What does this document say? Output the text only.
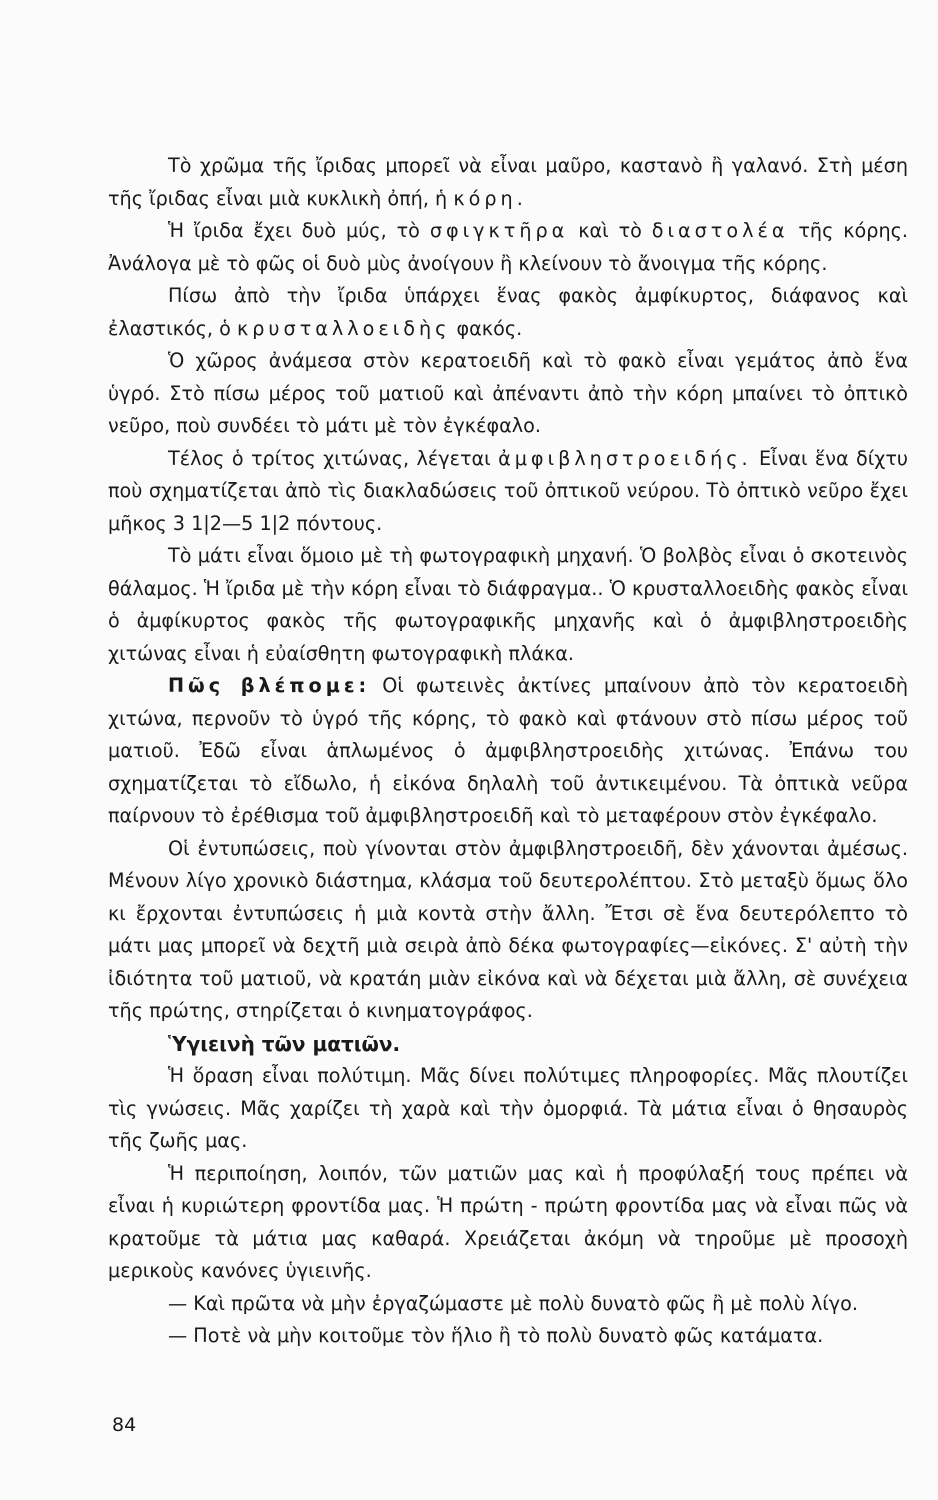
Τὸ χρῶμα τῆς ἴριδας μπορεῖ νὰ εἶναι μαῦρο, καστανὸ ἢ γαλανό. Στὴ μέση τῆς ἴριδας εἶναι μιὰ κυκλικὴ ὀπή, ἡ κόρη.

Ἡ ἴριδα ἔχει δυὸ μύς, τὸ σφιγκτῆρα καὶ τὸ διαστολέα τῆς κόρης. Ἀνάλογα μὲ τὸ φῶς οἱ δυὸ μὺς ἀνοίγουν ἢ κλείνουν τὸ ἄνοιγμα τῆς κόρης.

Πίσω ἀπὸ τὴν ἴριδα ὑπάρχει ἕνας φακὸς ἀμφίκυρτος, διάφανος καὶ ἐλαστικός, ὁ κρυσταλλοειδὴς φακός.

Ὁ χῶρος ἀνάμεσα στὸν κερατοειδῆ καὶ τὸ φακὸ εἶναι γεμάτος ἀπὸ ἕνα ὑγρό. Στὸ πίσω μέρος τοῦ ματιοῦ καὶ ἀπέναντι ἀπὸ τὴν κόρη μπαίνει τὸ ὀπτικὸ νεῦρο, ποὺ συνδέει τὸ μάτι μὲ τὸν ἐγκέφαλο.

Τέλος ὁ τρίτος χιτώνας, λέγεται ἀμφιβληστροειδής. Εἶναι ἕνα δίχτυ ποὺ σχηματίζεται ἀπὸ τὶς διακλαδώσεις τοῦ ὀπτικοῦ νεύρου. Τὸ ὀπτικὸ νεῦρο ἔχει μῆκος 3 1|2—5 1|2 πόντους.

Τὸ μάτι εἶναι ὅμοιο μὲ τὴ φωτογραφικὴ μηχανή. Ὁ βολβὸς εἶναι ὁ σκοτεινὸς θάλαμος. Ἡ ἴριδα μὲ τὴν κόρη εἶναι τὸ διάφραγμα.. Ὁ κρυσταλλοειδὴς φακὸς εἶναι ὁ ἀμφίκυρτος φακὸς τῆς φωτογραφικῆς μηχανῆς καὶ ὁ ἀμφιβληστροειδὴς χιτώνας εἶναι ἡ εὐαίσθητη φωτογραφικὴ πλάκα.

Πῶς βλέπομε: Οἱ φωτεινὲς ἀκτίνες μπαίνουν ἀπὸ τὸν κερατοειδὴ χιτώνα, περνοῦν τὸ ὑγρό τῆς κόρης, τὸ φακὸ καὶ φτάνουν στὸ πίσω μέρος τοῦ ματιοῦ. Ἐδῶ εἶναι ἁπλωμένος ὁ ἀμφιβληστροειδὴς χιτώνας. Ἐπάνω του σχηματίζεται τὸ εἴδωλο, ἡ εἰκόνα δηλαλὴ τοῦ ἀντικειμένου. Τὰ ὀπτικὰ νεῦρα παίρνουν τὸ ἐρέθισμα τοῦ ἀμφιβληστροειδῆ καὶ τὸ μεταφέρουν στὸν ἐγκέφαλο.

Οἱ ἐντυπώσεις, ποὺ γίνονται στὸν ἀμφιβληστροειδῆ, δὲν χάνονται ἀμέσως. Μένουν λίγο χρονικὸ διάστημα, κλάσμα τοῦ δευτερολέπτου. Στὸ μεταξὺ ὅμως ὅλο κι ἔρχονται ἐντυπώσεις ἡ μιὰ κοντὰ στὴν ἄλλη. Ἔτσι σὲ ἕνα δευτερόλεπτο τὸ μάτι μας μπορεῖ νὰ δεχτῆ μιὰ σειρὰ ἀπὸ δέκα φωτογραφίες—εἰκόνες. Σ' αὐτὴ τὴν ἰδιότητα τοῦ ματιοῦ, νὰ κρατάη μιὰν εἰκόνα καὶ νὰ δέχεται μιὰ ἄλλη, σὲ συνέχεια τῆς πρώτης, στηρίζεται ὁ κινηματογράφος.

Ὑγιεινὴ τῶν ματιῶν.

Ἡ ὅραση εἶναι πολύτιμη. Μᾶς δίνει πολύτιμες πληροφορίες. Μᾶς πλουτίζει τὶς γνώσεις. Μᾶς χαρίζει τὴ χαρὰ καὶ τὴν ὀμορφιά. Τὰ μάτια εἶναι ὁ θησαυρὸς τῆς ζωῆς μας.

Ἡ περιποίηση, λοιπόν, τῶν ματιῶν μας καὶ ἡ προφύλαξή τους πρέπει νὰ εἶναι ἡ κυριώτερη φροντίδα μας. Ἡ πρώτη - πρώτη φροντίδα μας νὰ εἶναι πῶς νὰ κρατοῦμε τὰ μάτια μας καθαρά. Χρειάζεται ἀκόμη νὰ τηροῦμε μὲ προσοχὴ μερικοὺς κανόνες ὑγιεινῆς.

— Καὶ πρῶτα νὰ μὴν ἐργαζώμαστε μὲ πολὺ δυνατὸ φῶς ἢ μὲ πολὺ λίγο.

— Ποτὲ νὰ μὴν κοιτοῦμε τὸν ἥλιο ἢ τὸ πολὺ δυνατὸ φῶς κατάματα.

84
